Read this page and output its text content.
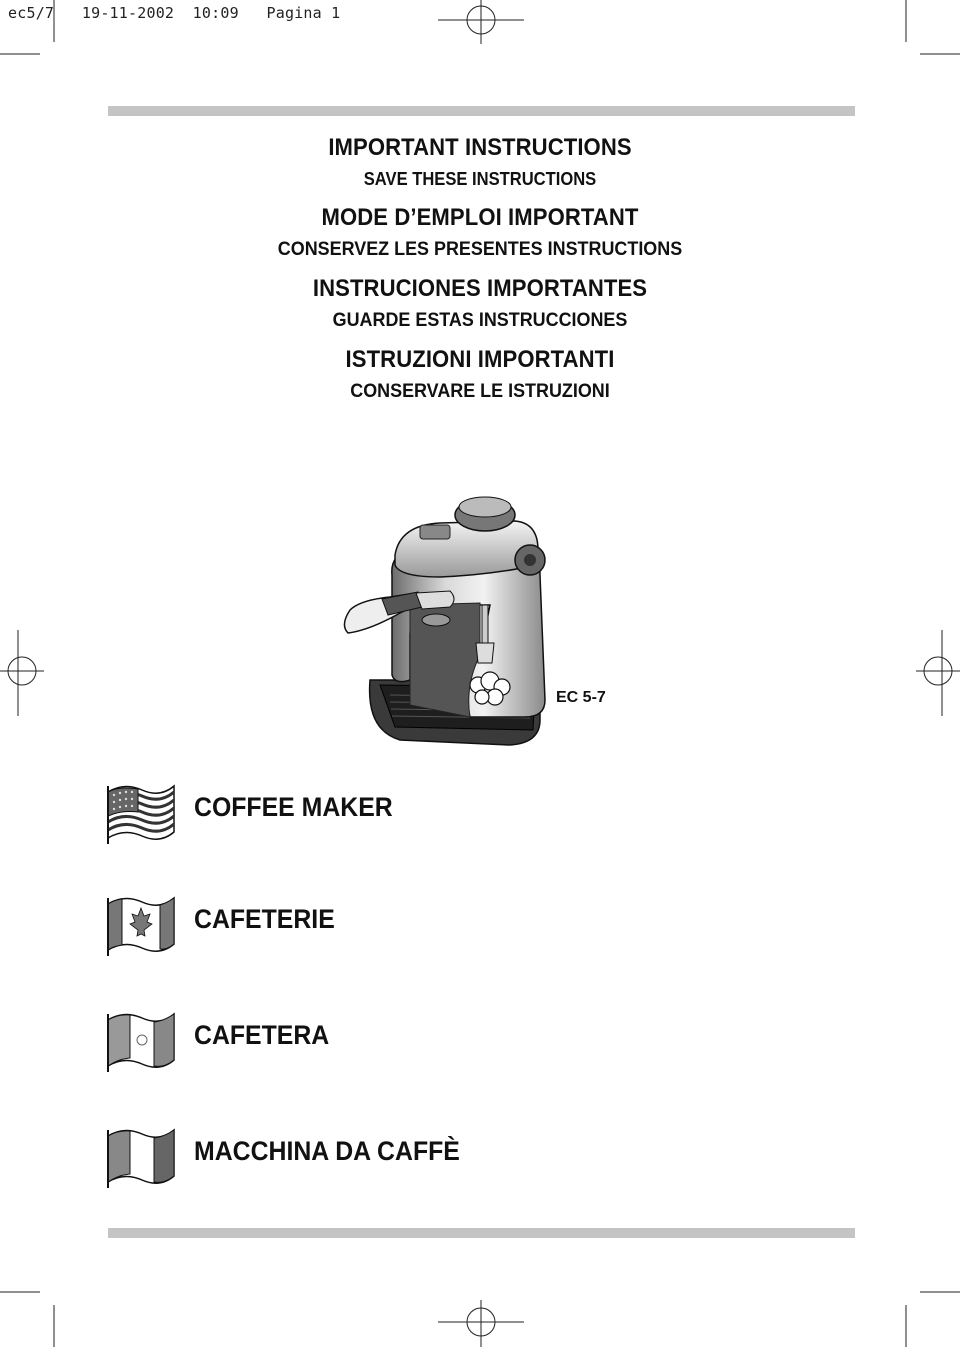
ec5/7 19-11-2002 10:09 Pagina 1

IMPORTANT INSTRUCTIONS

SAVE THESE INSTRUCTIONS

MODE D’EMPLOI IMPORTANT

CONSERVEZ LES PRESENTES INSTRUCTIONS

INSTRUCIONES IMPORTANTES

GUARDE ESTAS INSTRUCCIONES

ISTRUZIONI IMPORTANTI

CONSERVARE LE ISTRUZIONI

EC 5-7
COFFEE MAKER
CAFETERIE
CAFETERA
MACCHINA DA CAFFÈ
